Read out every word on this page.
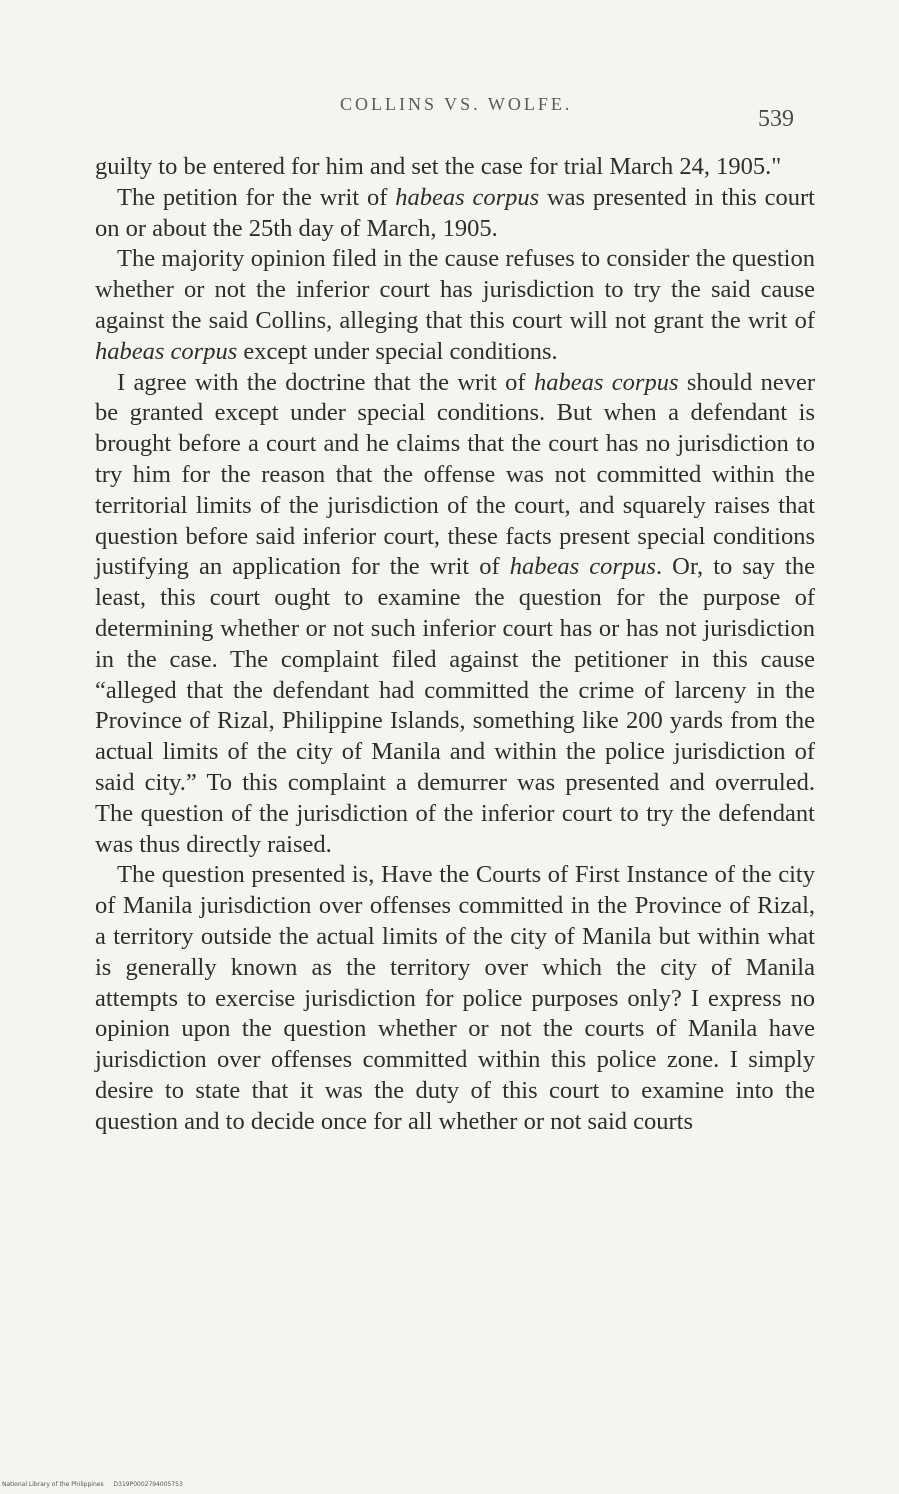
COLLINS VS. WOLFE.
539

guilty to be entered for him and set the case for trial March 24, 1905."

The petition for the writ of habeas corpus was presented in this court on or about the 25th day of March, 1905.

The majority opinion filed in the cause refuses to consider the question whether or not the inferior court has jurisdiction to try the said cause against the said Collins, alleging that this court will not grant the writ of habeas corpus except under special conditions.

I agree with the doctrine that the writ of habeas corpus should never be granted except under special conditions. But when a defendant is brought before a court and he claims that the court has no jurisdiction to try him for the reason that the offense was not committed within the territorial limits of the jurisdiction of the court, and squarely raises that question before said inferior court, these facts present special conditions justifying an application for the writ of habeas corpus. Or, to say the least, this court ought to examine the question for the purpose of determining whether or not such inferior court has or has not jurisdiction in the case. The complaint filed against the petitioner in this cause “alleged that the defendant had committed the crime of larceny in the Province of Rizal, Philippine Islands, something like 200 yards from the actual limits of the city of Manila and within the police jurisdiction of said city.” To this complaint a demurrer was presented and overruled. The question of the jurisdiction of the inferior court to try the defendant was thus directly raised.

The question presented is, Have the Courts of First Instance of the city of Manila jurisdiction over offenses committed in the Province of Rizal, a territory outside the actual limits of the city of Manila but within what is generally known as the territory over which the city of Manila attempts to exercise jurisdiction for police purposes only? I express no opinion upon the question whether or not the courts of Manila have jurisdiction over offenses committed within this police zone. I simply desire to state that it was the duty of this court to examine into the question and to decide once for all whether or not said courts

National Library of the Philippines D319P0002794005753
